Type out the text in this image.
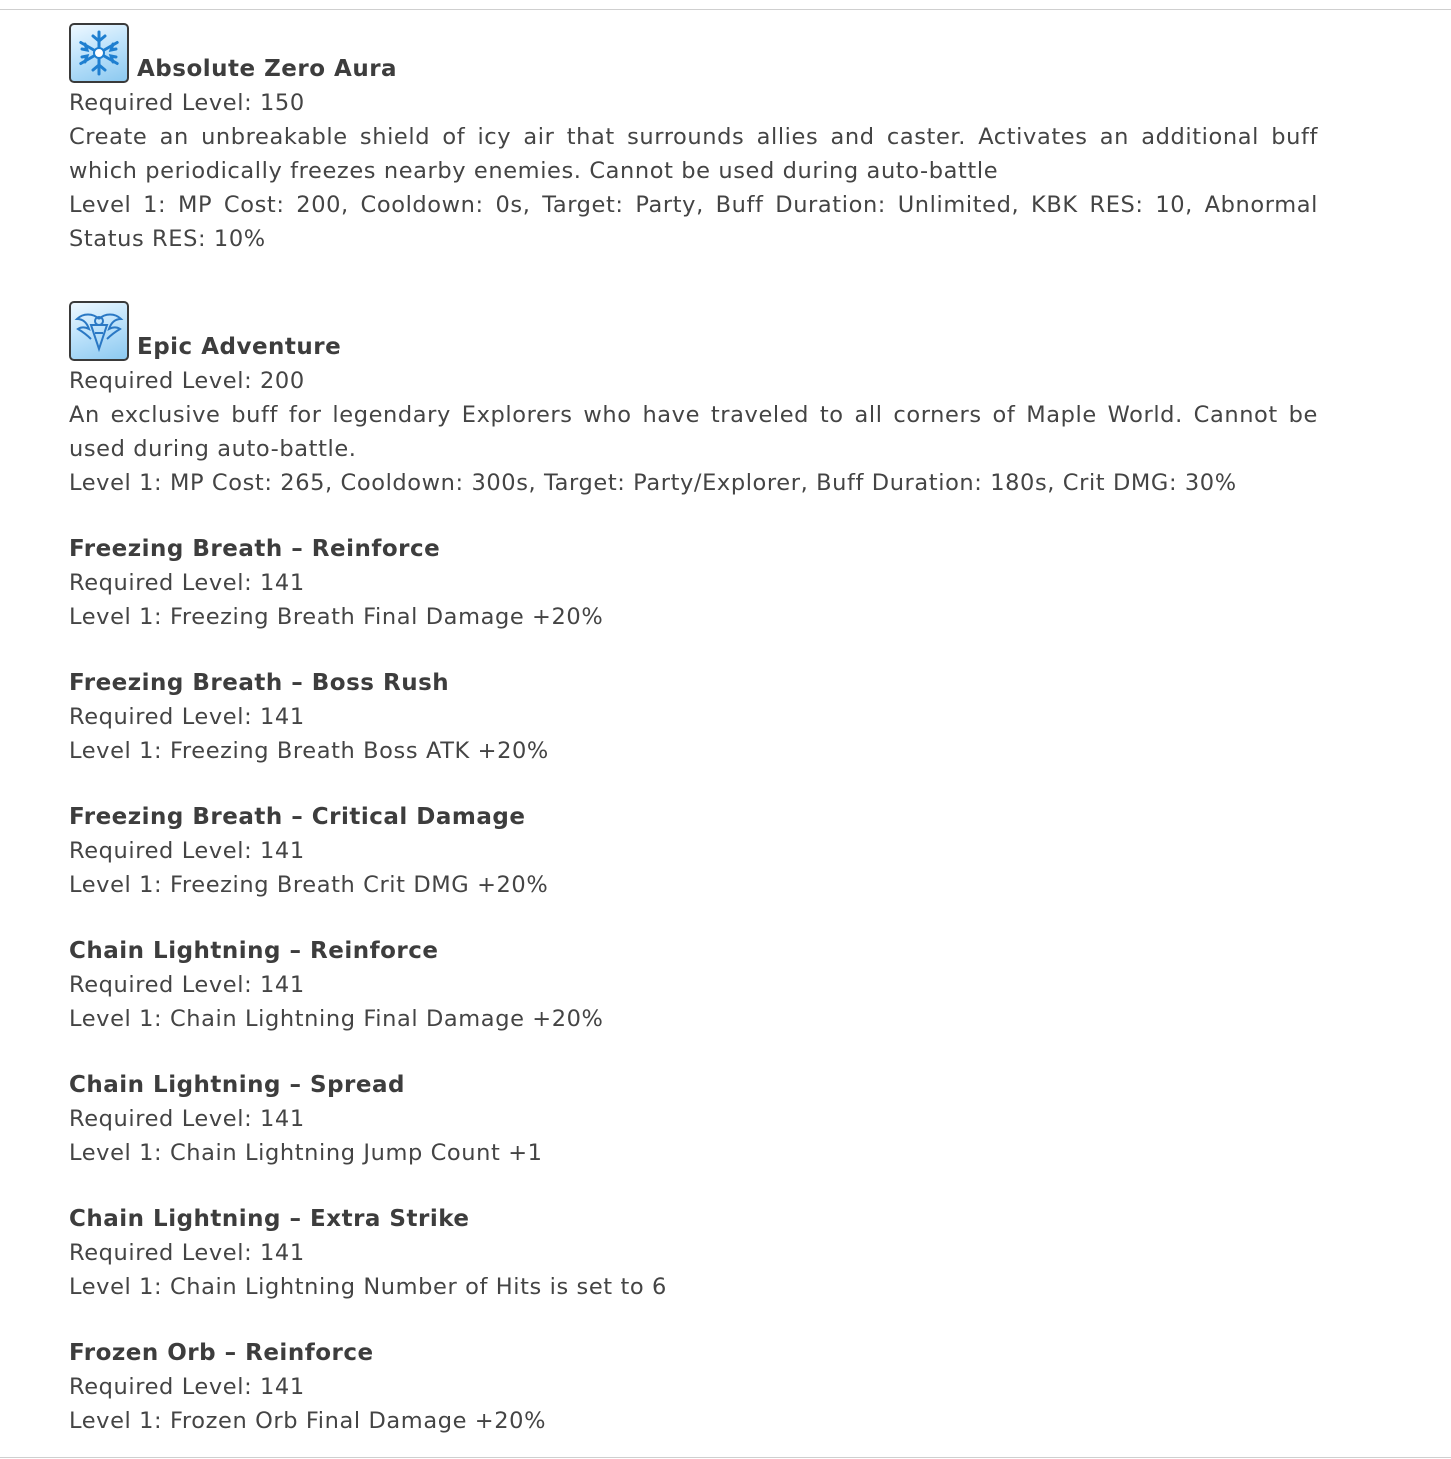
Absolute Zero Aura
Required Level: 150
Create an unbreakable shield of icy air that surrounds allies and caster. Activates an additional buff which periodically freezes nearby enemies. Cannot be used during auto-battle
Level 1: MP Cost: 200, Cooldown: 0s, Target: Party, Buff Duration: Unlimited, KBK RES: 10, Abnormal Status RES: 10%
Epic Adventure
Required Level: 200
An exclusive buff for legendary Explorers who have traveled to all corners of Maple World. Cannot be used during auto-battle.
Level 1: MP Cost: 265, Cooldown: 300s, Target: Party/Explorer, Buff Duration: 180s, Crit DMG: 30%
Freezing Breath – Reinforce
Required Level: 141
Level 1: Freezing Breath Final Damage +20%
Freezing Breath – Boss Rush
Required Level: 141
Level 1: Freezing Breath Boss ATK +20%
Freezing Breath – Critical Damage
Required Level: 141
Level 1: Freezing Breath Crit DMG +20%
Chain Lightning – Reinforce
Required Level: 141
Level 1: Chain Lightning Final Damage +20%
Chain Lightning – Spread
Required Level: 141
Level 1: Chain Lightning Jump Count +1
Chain Lightning – Extra Strike
Required Level: 141
Level 1: Chain Lightning Number of Hits is set to 6
Frozen Orb – Reinforce
Required Level: 141
Level 1: Frozen Orb Final Damage +20%
